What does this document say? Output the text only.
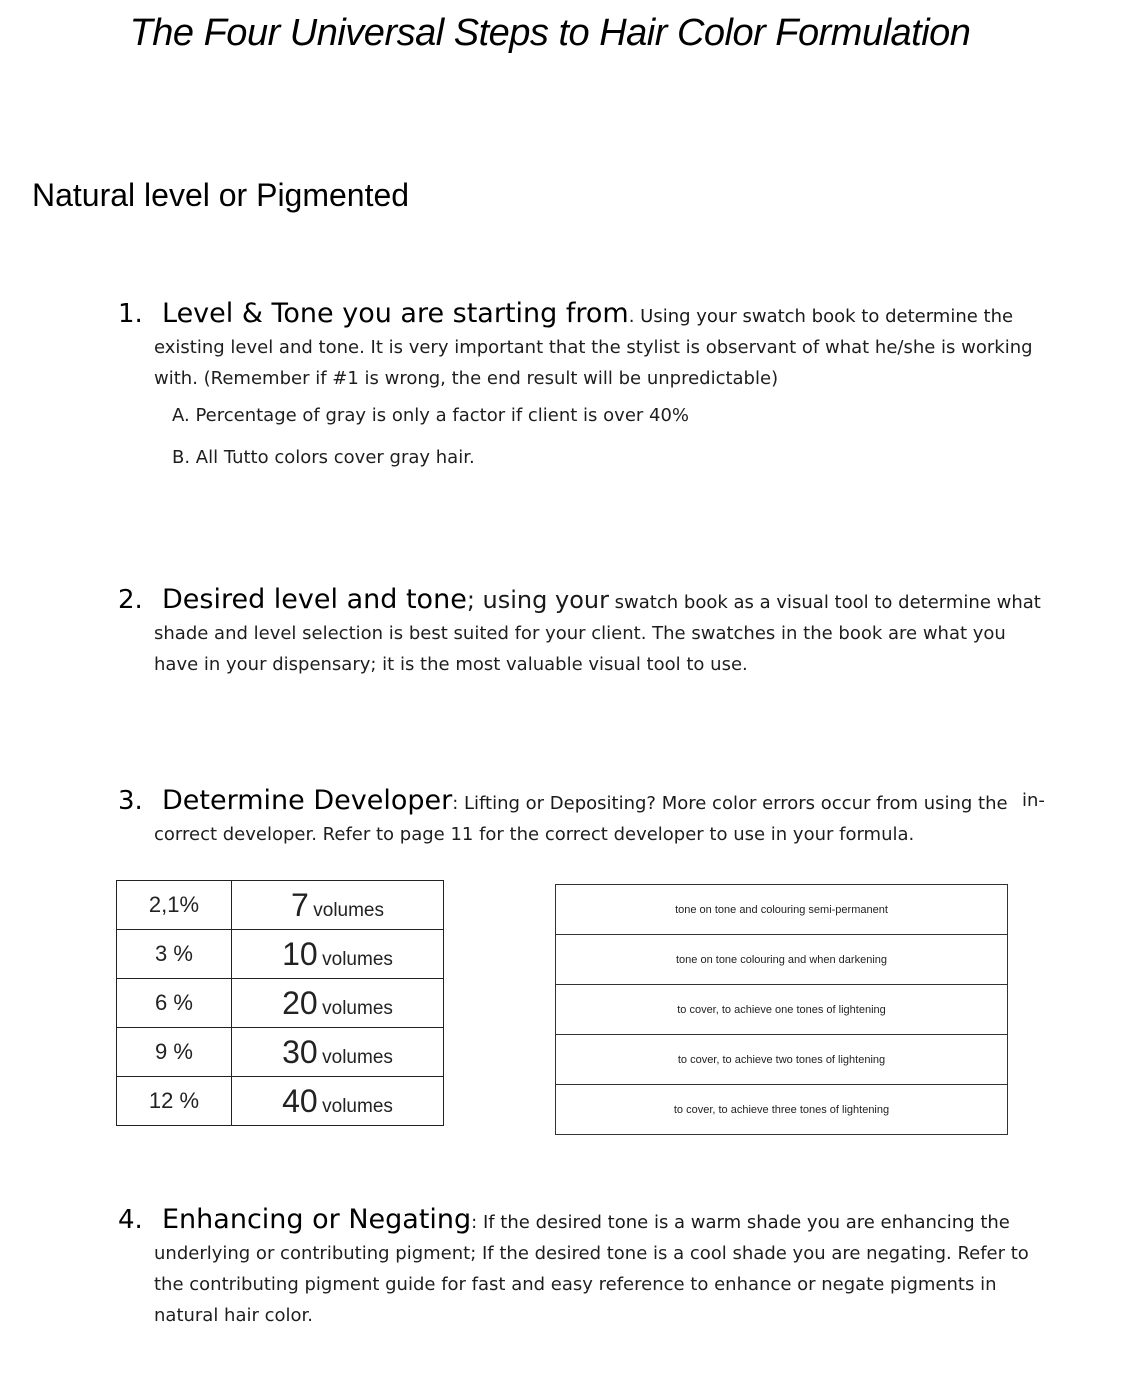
The Four Universal Steps to Hair Color Formulation
Natural level or Pigmented
1. Level & Tone you are starting from. Using your swatch book to determine the
existing level and tone. It is very important that the stylist is observant of what he/she is working with. (Remember if #1 is wrong, the end result will be unpredictable)
A. Percentage of gray is only a factor if client is over 40%
B. All Tutto colors cover gray hair.
2. Desired level and tone; using your swatch book as a visual tool to determine what
shade and level selection is best suited for your client. The swatches in the book are what you have in your dispensary; it is the most valuable visual tool to use.
3. Determine Developer: Lifting or Depositing? More color errors occur from using the in-
correct developer. Refer to page 11 for the correct developer to use in your formula.
2,1%	7 volumes
3 %	10 volumes
6 %	20 volumes
9 %	30 volumes
12 %	40 volumes
tone on tone and colouring semi-permanent
tone on tone colouring and when darkening
to cover, to achieve one tones of lightening
to cover, to achieve two tones of lightening
to cover, to achieve three tones of lightening
4. Enhancing or Negating: If the desired tone is a warm shade you are enhancing the
underlying or contributing pigment; If the desired tone is a cool shade you are negating. Refer to the contributing pigment guide for fast and easy reference to enhance or negate pigments in natural hair color.
